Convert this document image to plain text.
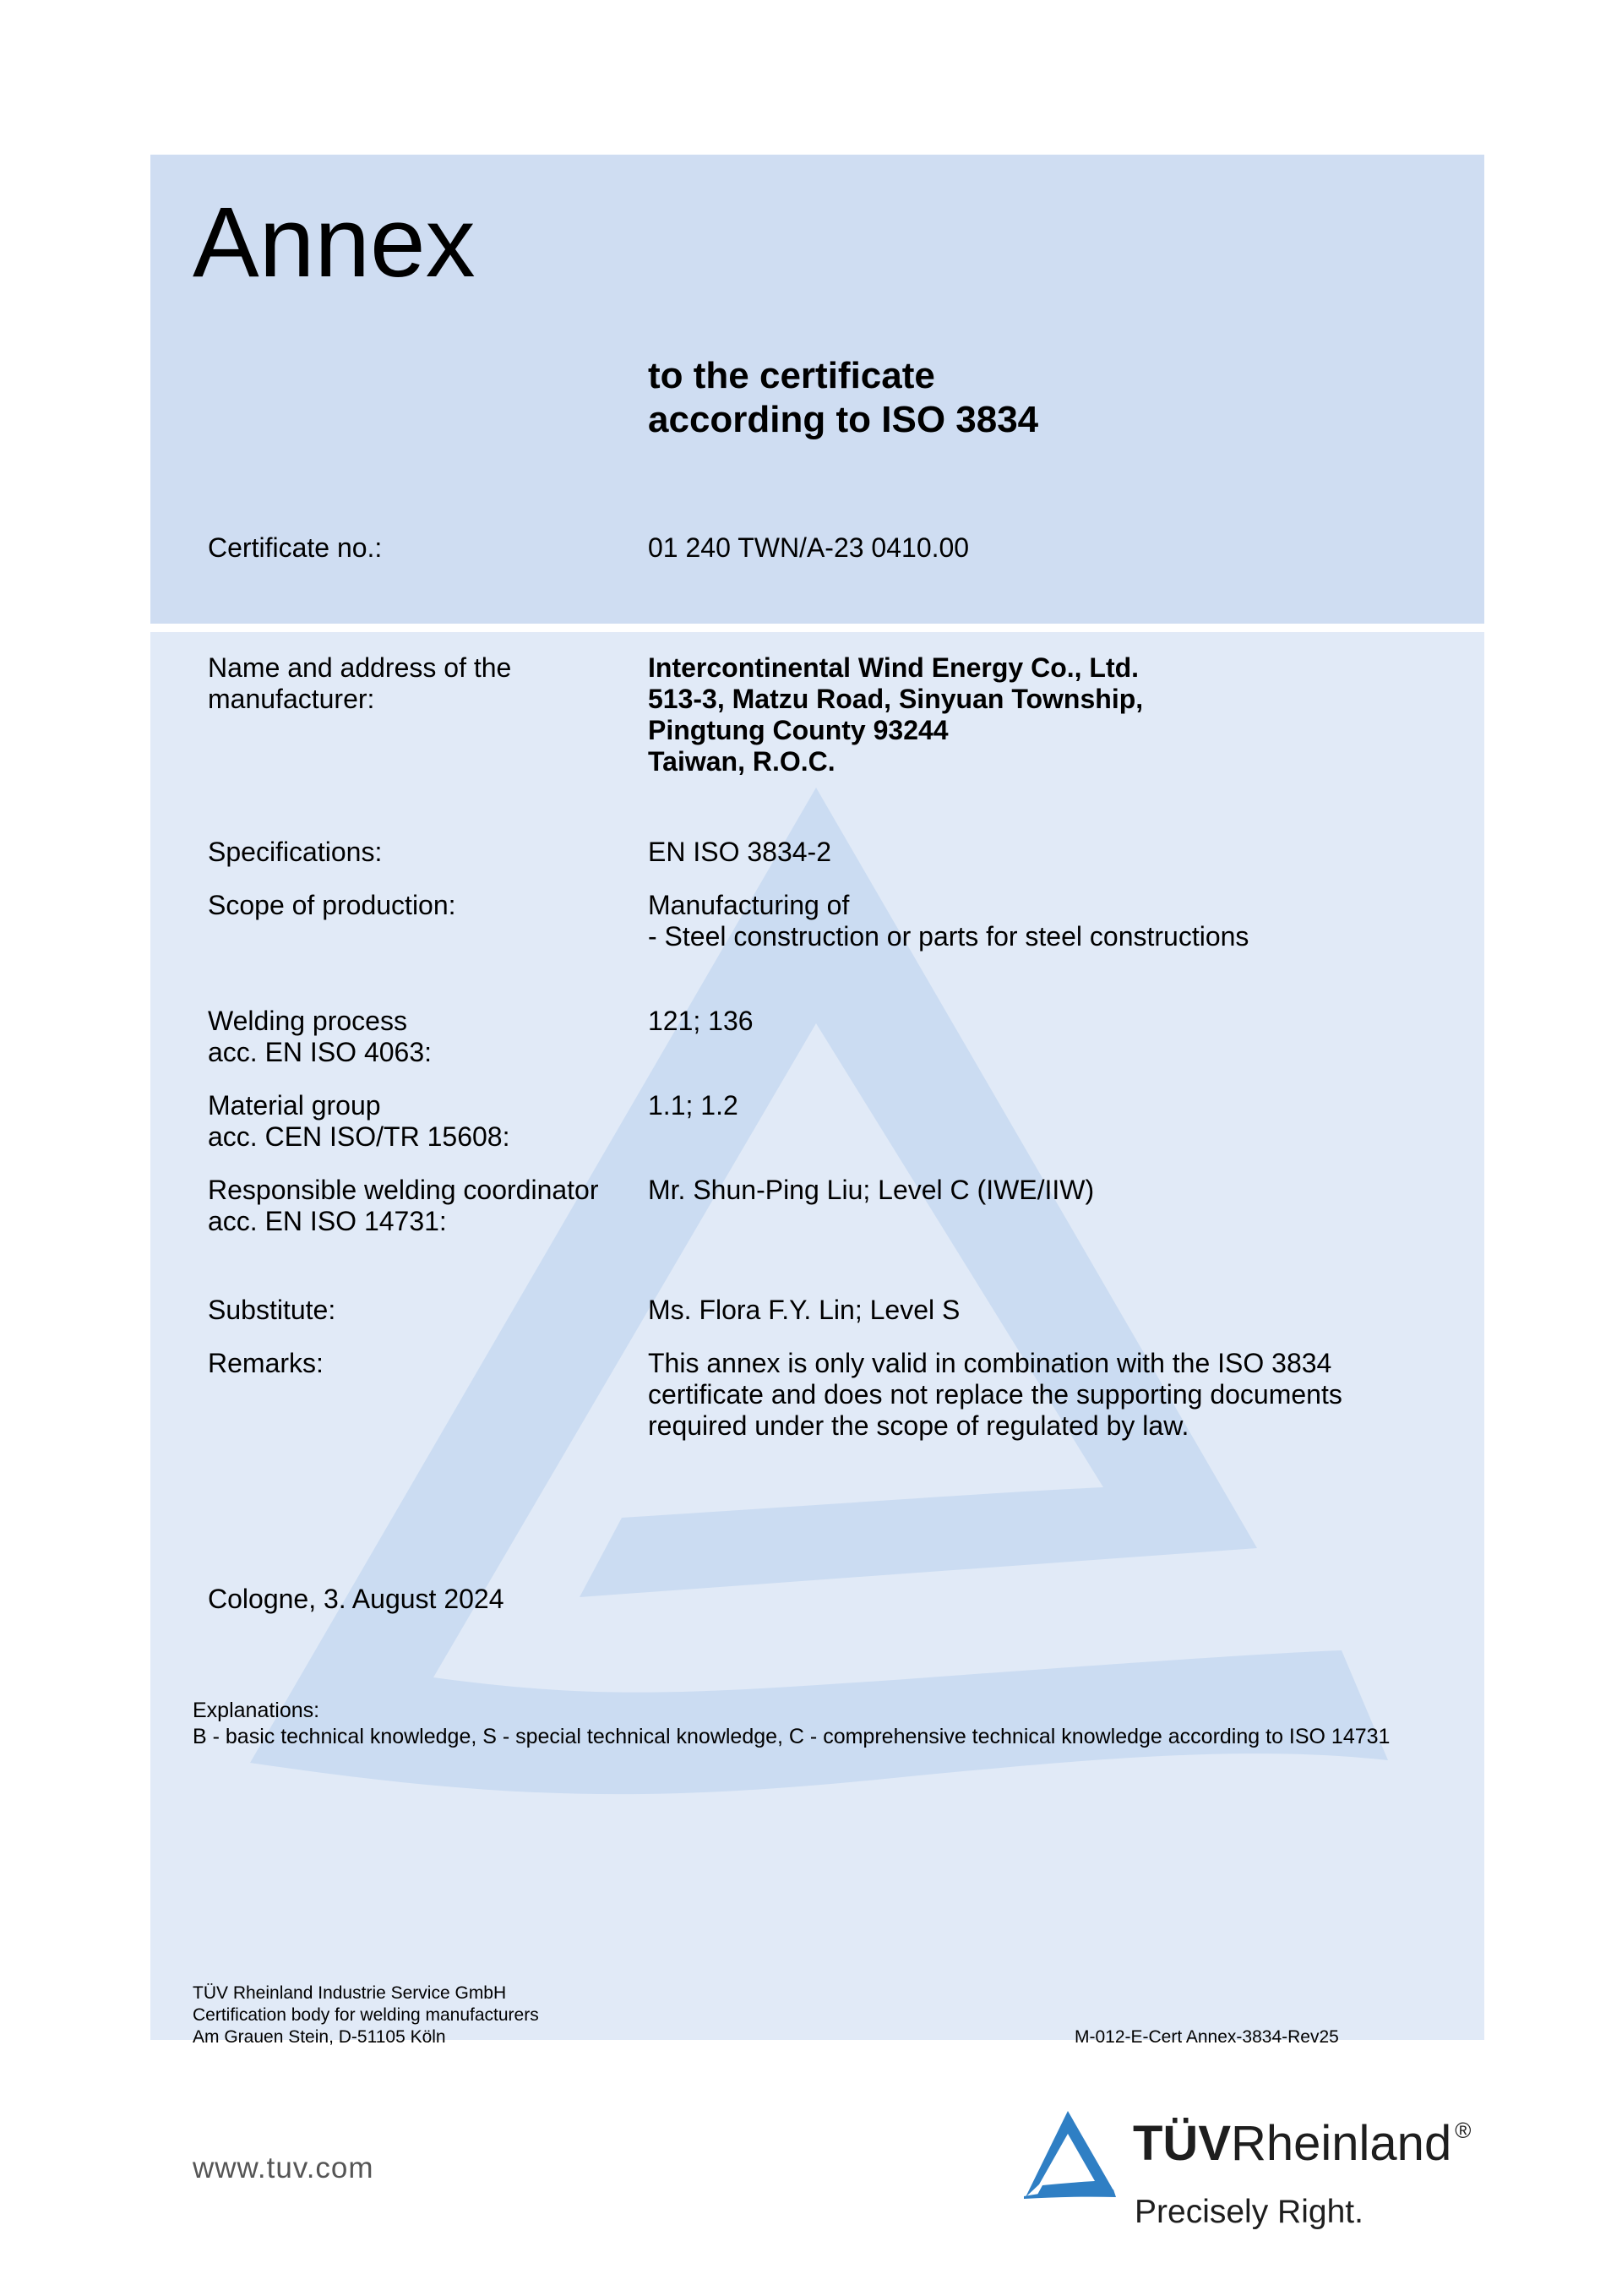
Annex
to the certificate
according to ISO 3834
Certificate no.:	01 240 TWN/A-23 0410.00
Name and address of the
manufacturer:
Intercontinental Wind Energy Co., Ltd.
513-3, Matzu Road, Sinyuan Township,
Pingtung County 93244
Taiwan, R.O.C.
Specifications:	EN ISO 3834-2
Scope of production:	Manufacturing of
- Steel construction or parts for steel constructions
Welding process
acc. EN ISO 4063:
121; 136
Material group
acc. CEN ISO/TR 15608:
1.1; 1.2
Responsible welding coordinator
acc. EN ISO 14731:
Mr. Shun-Ping Liu; Level C (IWE/IIW)
Substitute:	Ms. Flora F.Y. Lin; Level S
Remarks:	This annex is only valid in combination with the ISO 3834
certificate and does not replace the supporting documents
required under the scope of regulated by law.
Cologne, 3. August 2024
Explanations:
B - basic technical knowledge, S - special technical knowledge, C - comprehensive technical knowledge according to ISO 14731
TÜV Rheinland Industrie Service GmbH
Certification body for welding manufacturers
Am Grauen Stein, D-51105 Köln	M-012-E-Cert Annex-3834-Rev25
www.tuv.com	TÜVRheinland ®
Precisely Right.
